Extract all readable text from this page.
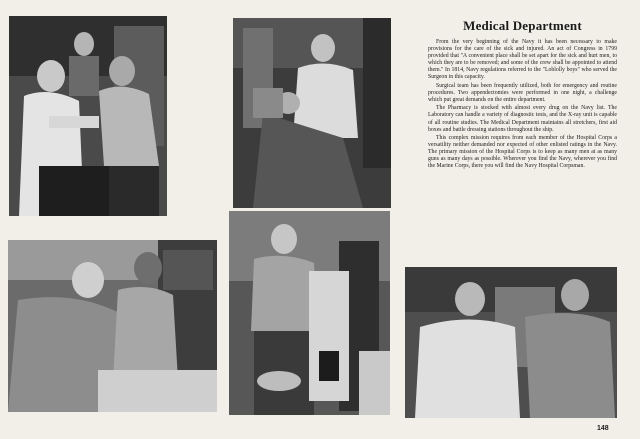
Medical Department

From the very beginning of the Navy it has been necessary to make provisions for the care of the sick and injured. An act of Congress in 1799 provided that "A convenient place shall be set apart for the sick and hurt men, to which they are to be removed; and some of the crew shall be appointed to attend them." In 1814, Navy regulations referred to the "Loblolly boys" who served the Surgeon in this capacity.

Surgical team has been frequently utilized, both for emergency and routine procedures. Two appendectomies were performed in one night, a challenge which put great demands on the entire department.

The Pharmacy is stocked with almost every drug on the Navy list. The Laboratory can handle a variety of diagnostic tests, and the X-ray unit is capable of all routine studies. The Medical Department maintains all stretchers, first aid boxes and battle dressing stations throughout the ship.

This complex mission requires from each member of the Hospital Corps a versatility neither demanded nor expected of other enlisted ratings in the Navy. The primary mission of the Hospital Corps is to keep as many men at as many guns as many days as possible. Wherever you find the Navy, wherever you find the Marine Corps, there you will find the Navy Hospital Corpsman.

148
